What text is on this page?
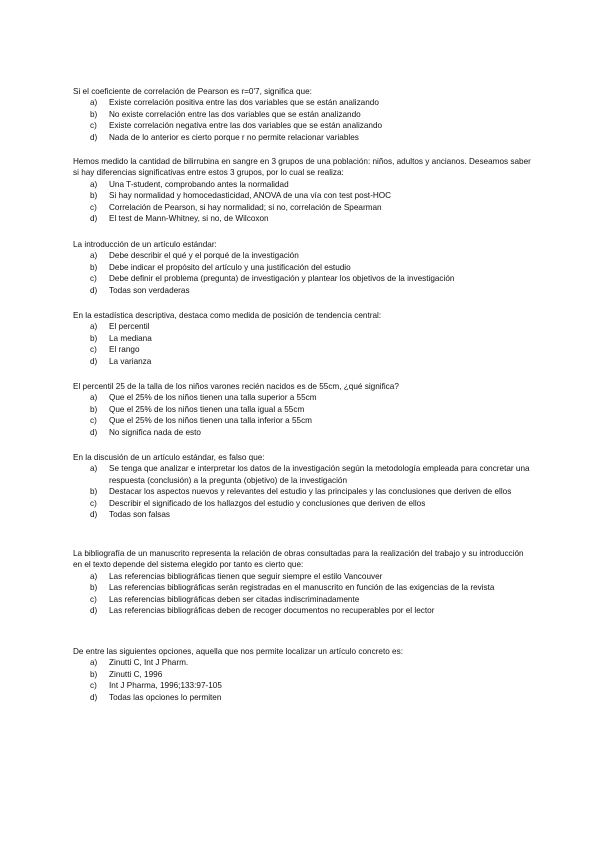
Si el coeficiente de correlación de Pearson es r=0'7, significa que:

a) Existe correlación positiva entre las dos variables que se están analizando
b) No existe correlación entre las dos variables que se están analizando
c) Existe correlación negativa entre las dos variables que se están analizando
d) Nada de lo anterior es cierto porque r no permite relacionar variables

Hemos medido la cantidad de bilirrubina en sangre en 3 grupos de una población: niños, adultos y ancianos. Deseamos saber si hay diferencias significativas entre estos 3 grupos, por lo cual se realiza:

a) Una T-student, comprobando antes la normalidad
b) Si hay normalidad y homocedasticidad, ANOVA de una vía con test post-HOC
c) Correlación de Pearson, si hay normalidad; si no, correlación de Spearman
d) El test de Mann-Whitney, si no, de Wilcoxon

La introducción de un artículo estándar:

a) Debe describir el qué y el porqué de la investigación
b) Debe indicar el propósito del artículo y una justificación del estudio
c) Debe definir el problema (pregunta) de investigación y plantear los objetivos de la investigación
d) Todas son verdaderas

En la estadística descriptiva, destaca como medida de posición de tendencia central:

a) El percentil
b) La mediana
c) El rango
d) La varianza

El percentil 25 de la talla de los niños varones recién nacidos es de 55cm, ¿qué significa?

a) Que el 25% de los niños tienen una talla superior a 55cm
b) Que el 25% de los niños tienen una talla igual a 55cm
c) Que el 25% de los niños tienen una talla inferior a 55cm
d) No significa nada de esto

En la discusión de un artículo estándar, es falso que:

a) Se tenga que analizar e interpretar los datos de la investigación según la metodología empleada para concretar una respuesta (conclusión) a la pregunta (objetivo) de la investigación
b) Destacar los aspectos nuevos y relevantes del estudio y las principales y las conclusiones que deriven de ellos
c) Describir el significado de los hallazgos del estudio y conclusiones que deriven de ellos
d) Todas son falsas

La bibliografía de un manuscrito representa la relación de obras consultadas para la realización del trabajo y su introducción en el texto depende del sistema elegido por tanto es cierto que:

a) Las referencias bibliográficas tienen que seguir siempre el estilo Vancouver
b) Las referencias bibliográficas serán registradas en el manuscrito en función de las exigencias de la revista
c) Las referencias bibliográficas deben ser citadas indiscriminadamente
d) Las referencias bibliográficas deben de recoger documentos no recuperables por el lector

De entre las siguientes opciones, aquella que nos permite localizar un artículo concreto es:

a) Zinutti C, Int J Pharm.
b) Zinutti C, 1996
c) Int J Pharma, 1996;133:97-105
d) Todas las opciones lo permiten
